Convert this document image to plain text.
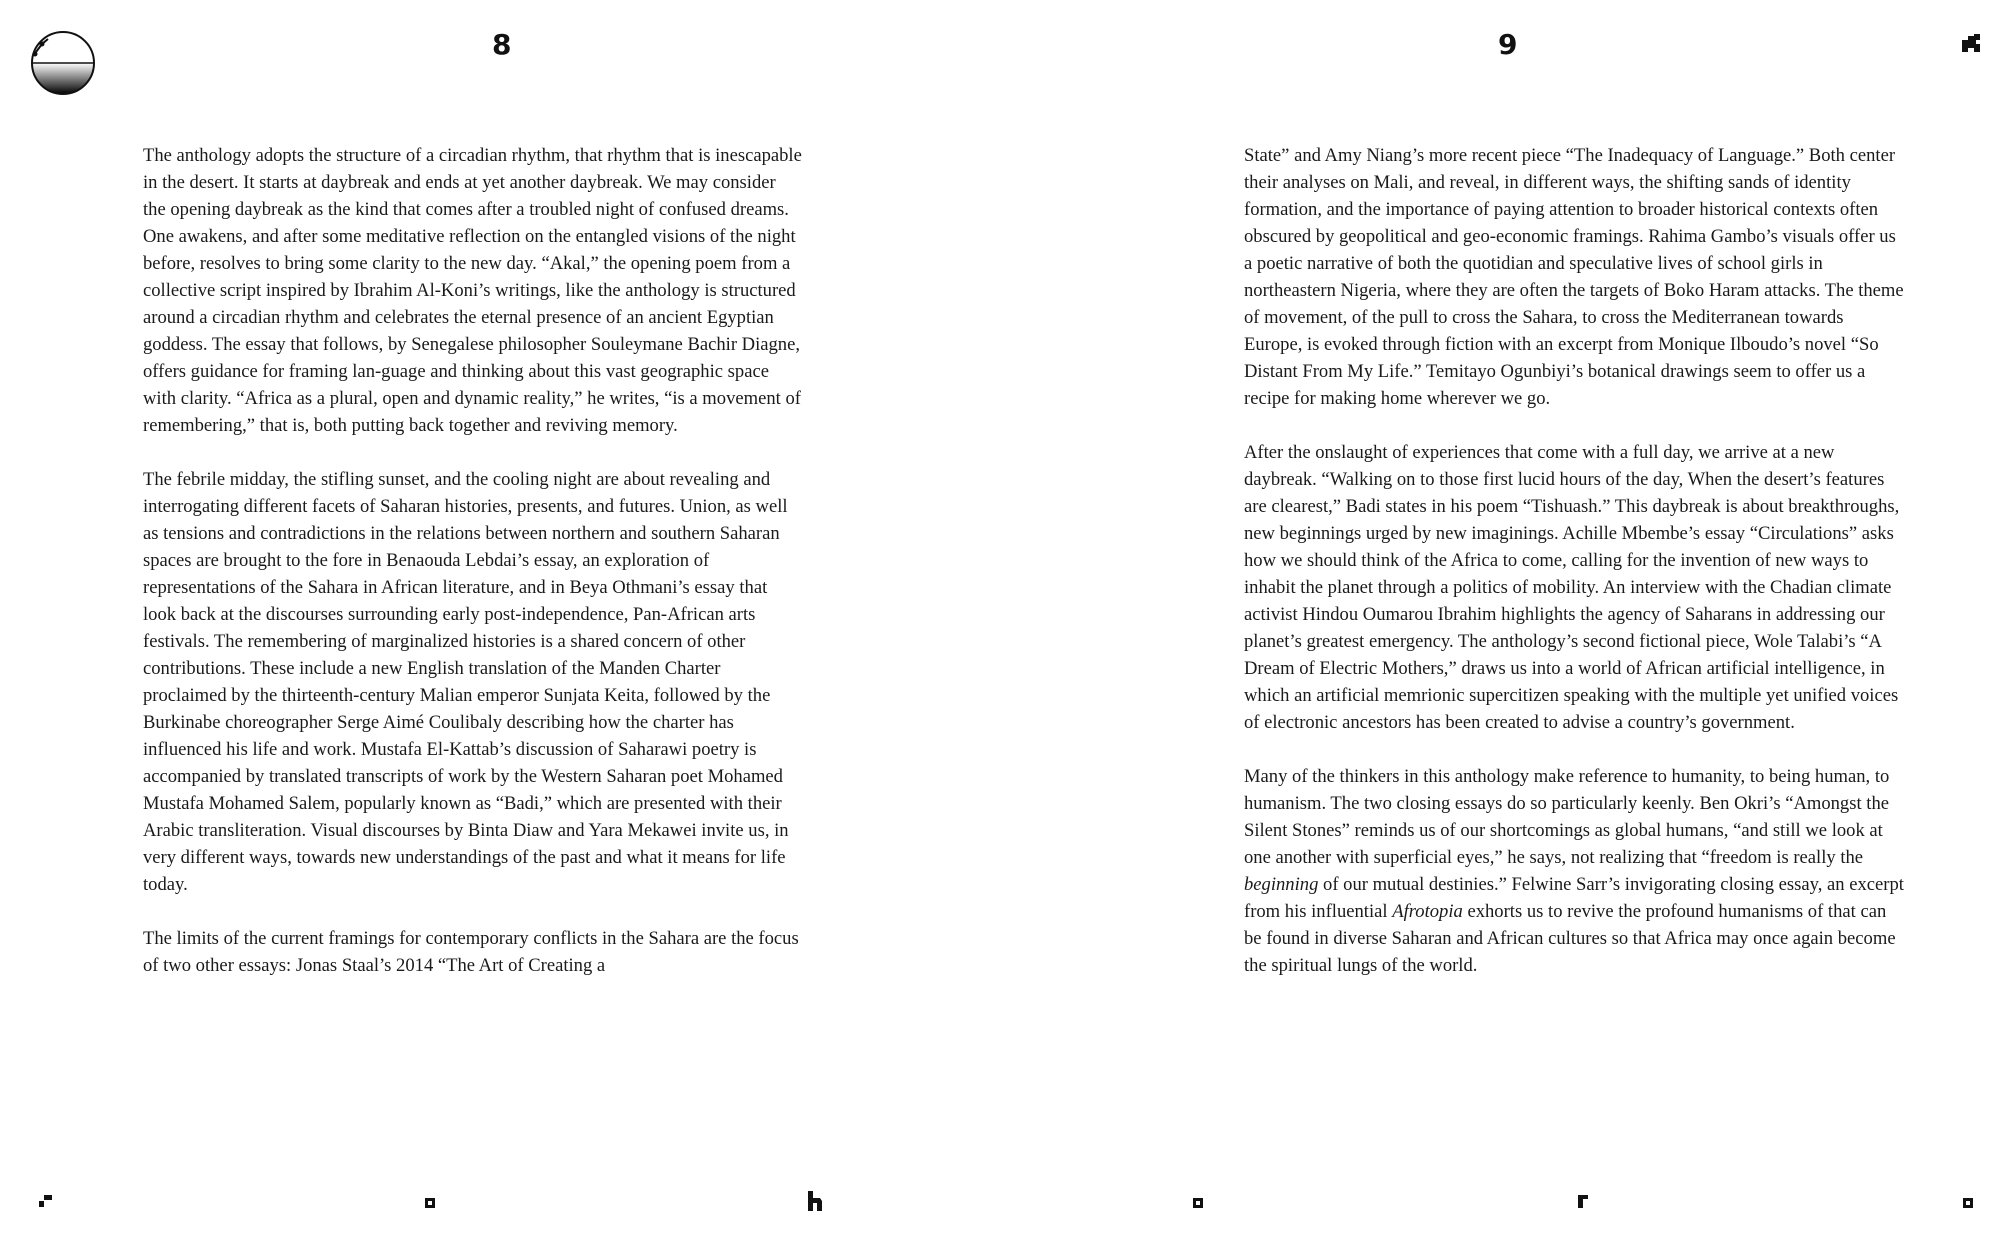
8	9

The anthology adopts the structure of a circadian rhythm, that rhythm that is inescapable in the desert. It starts at daybreak and ends at yet another daybreak. We may consider the opening daybreak as the kind that comes after a troubled night of confused dreams. One awakens, and after some meditative reflection on the entangled visions of the night before, resolves to bring some clarity to the new day. “Akal,” the opening poem from a collective script inspired by Ibrahim Al-Koni’s writings, like the anthology is structured around a circadian rhythm and celebrates the eternal presence of an ancient Egyptian goddess. The essay that follows, by Senegalese philosopher Souleymane Bachir Diagne, offers guidance for framing lan-guage and thinking about this vast geographic space with clarity. “Africa as a plural, open and dynamic reality,” he writes, “is a movement of remembering,” that is, both putting back together and reviving memory.

The febrile midday, the stifling sunset, and the cooling night are about revealing and interrogating different facets of Saharan histories, presents, and futures. Union, as well as tensions and contradictions in the relations between northern and southern Saharan spaces are brought to the fore in Benaouda Lebdai’s essay, an exploration of representations of the Sahara in African literature, and in Beya Othmani’s essay that look back at the discourses surrounding early post-independence, Pan-African arts festivals. The remembering of marginalized histories is a shared concern of other contributions. These include a new English translation of the Manden Charter proclaimed by the thirteenth-century Malian emperor Sunjata Keita, followed by the Burkinabe choreographer Serge Aimé Coulibaly describing how the charter has influenced his life and work. Mustafa El-Kattab’s discussion of Saharawi poetry is accompanied by translated transcripts of work by the Western Saharan poet Mohamed Mustafa Mohamed Salem, popularly known as “Badi,” which are presented with their Arabic transliteration. Visual discourses by Binta Diaw and Yara Mekawei invite us, in very different ways, towards new understandings of the past and what it means for life today.

The limits of the current framings for contemporary conflicts in the Sahara are the focus of two other essays: Jonas Staal’s 2014 “The Art of Creating a

State” and Amy Niang’s more recent piece “The Inadequacy of Language.” Both center their analyses on Mali, and reveal, in different ways, the shifting sands of identity formation, and the importance of paying attention to broader historical contexts often obscured by geopolitical and geo-economic framings. Rahima Gambo’s visuals offer us a poetic narrative of both the quotidian and speculative lives of school girls in northeastern Nigeria, where they are often the targets of Boko Haram attacks. The theme of movement, of the pull to cross the Sahara, to cross the Mediterranean towards Europe, is evoked through fiction with an excerpt from Monique Ilboudo’s novel “So Distant From My Life.” Temitayo Ogunbiyi’s botanical drawings seem to offer us a recipe for making home wherever we go.

After the onslaught of experiences that come with a full day, we arrive at a new daybreak. “Walking on to those first lucid hours of the day, When the desert’s features are clearest,” Badi states in his poem “Tishuash.” This daybreak is about breakthroughs, new beginnings urged by new imaginings. Achille Mbembe’s essay “Circulations” asks how we should think of the Africa to come, calling for the invention of new ways to inhabit the planet through a politics of mobility. An interview with the Chadian climate activist Hindou Oumarou Ibrahim highlights the agency of Saharans in addressing our planet’s greatest emergency. The anthology’s second fictional piece, Wole Talabi’s “A Dream of Electric Mothers,” draws us into a world of African artificial intelligence, in which an artificial memrionic supercitizen speaking with the multiple yet unified voices of electronic ancestors has been created to advise a country’s government.

Many of the thinkers in this anthology make reference to humanity, to being human, to humanism. The two closing essays do so particularly keenly. Ben Okri’s “Amongst the Silent Stones” reminds us of our shortcomings as global humans, “and still we look at one another with superficial eyes,” he says, not realizing that “freedom is really the beginning of our mutual destinies.” Felwine Sarr’s invigorating closing essay, an excerpt from his influential Afrotopia exhorts us to revive the profound humanisms of that can be found in diverse Saharan and African cultures so that Africa may once again become the spiritual lungs of the world.
